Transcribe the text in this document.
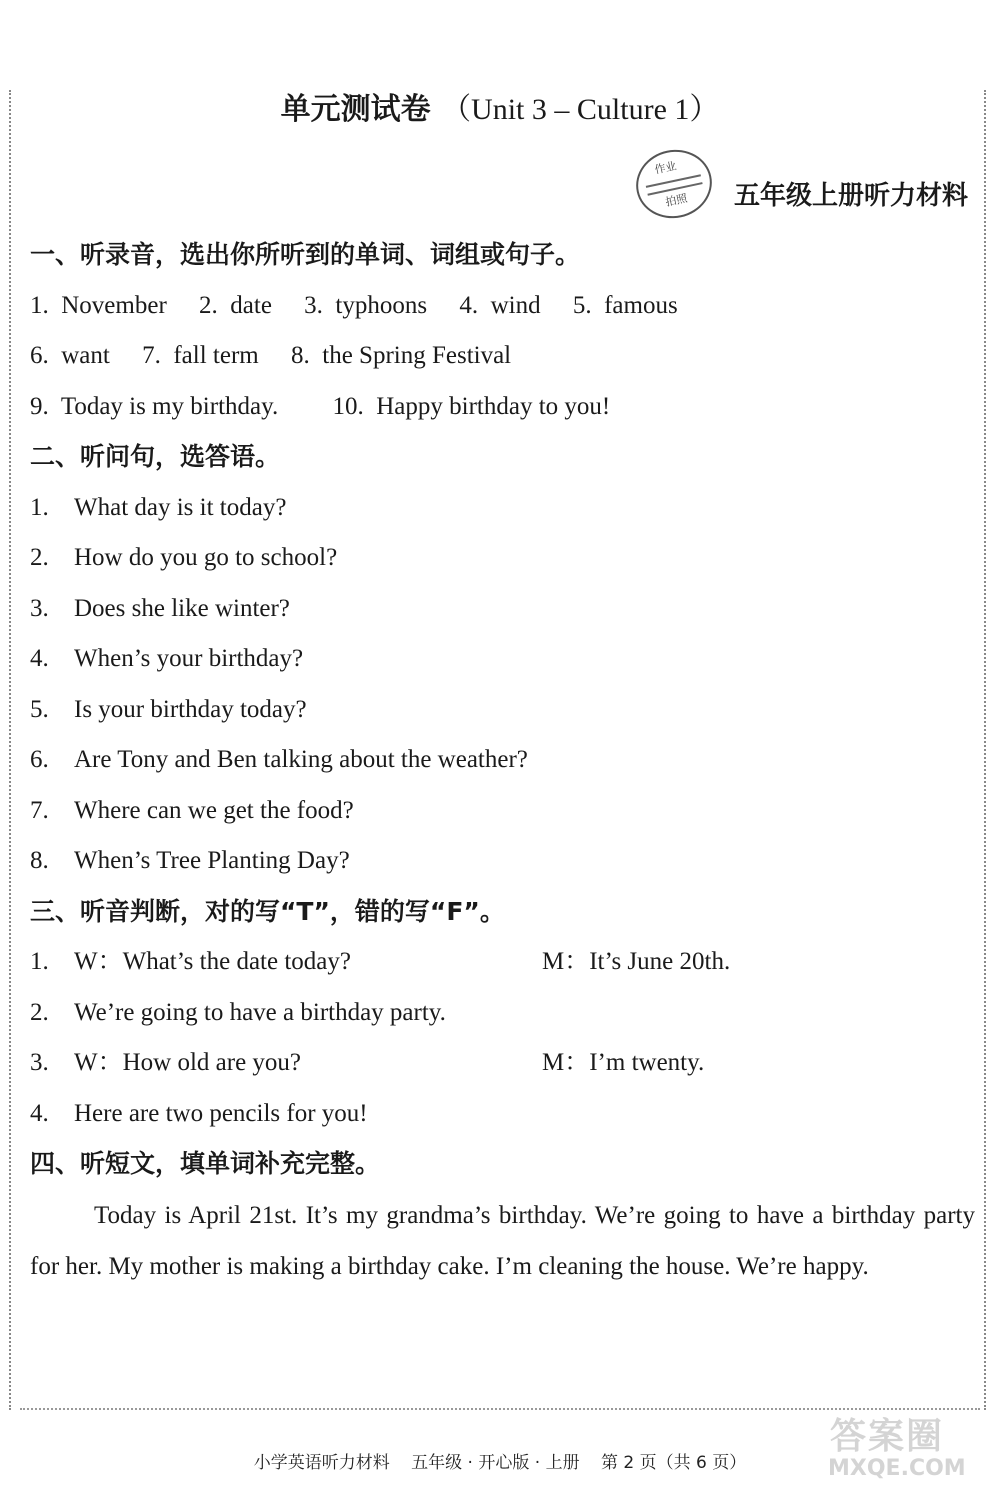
单元测试卷 （Unit 3 – Culture 1）
作业
拍照 五年级上册听力材料
一、听录音，选出你所听到的单词、词组或句子。
1. November 2. date 3. typhoons 4. wind 5. famous
6. want 7. fall term 8. the Spring Festival
9. Today is my birthday. 10. Happy birthday to you!
二、听问句，选答语。
1. What day is it today?
2. How do you go to school?
3. Does she like winter?
4. When’s your birthday?
5. Is your birthday today?
6. Are Tony and Ben talking about the weather?
7. Where can we get the food?
8. When’s Tree Planting Day?
三、听音判断，对的写“T”，错的写“F”。
1. W：What’s the date today?	M：It’s June 20th.
2. We’re going to have a birthday party.
3. W：How old are you?	M：I’m twenty.
4. Here are two pencils for you!
四、听短文，填单词补充完整。
Today is April 21st. It’s my grandma’s birthday. We’re going to have a birthday party for her. My mother is making a birthday cake. I’m cleaning the house. We’re happy.
小学英语听力材料 五年级 · 开心版 · 上册 第 2 页（共 6 页）
答案圈
MXQE.COM
